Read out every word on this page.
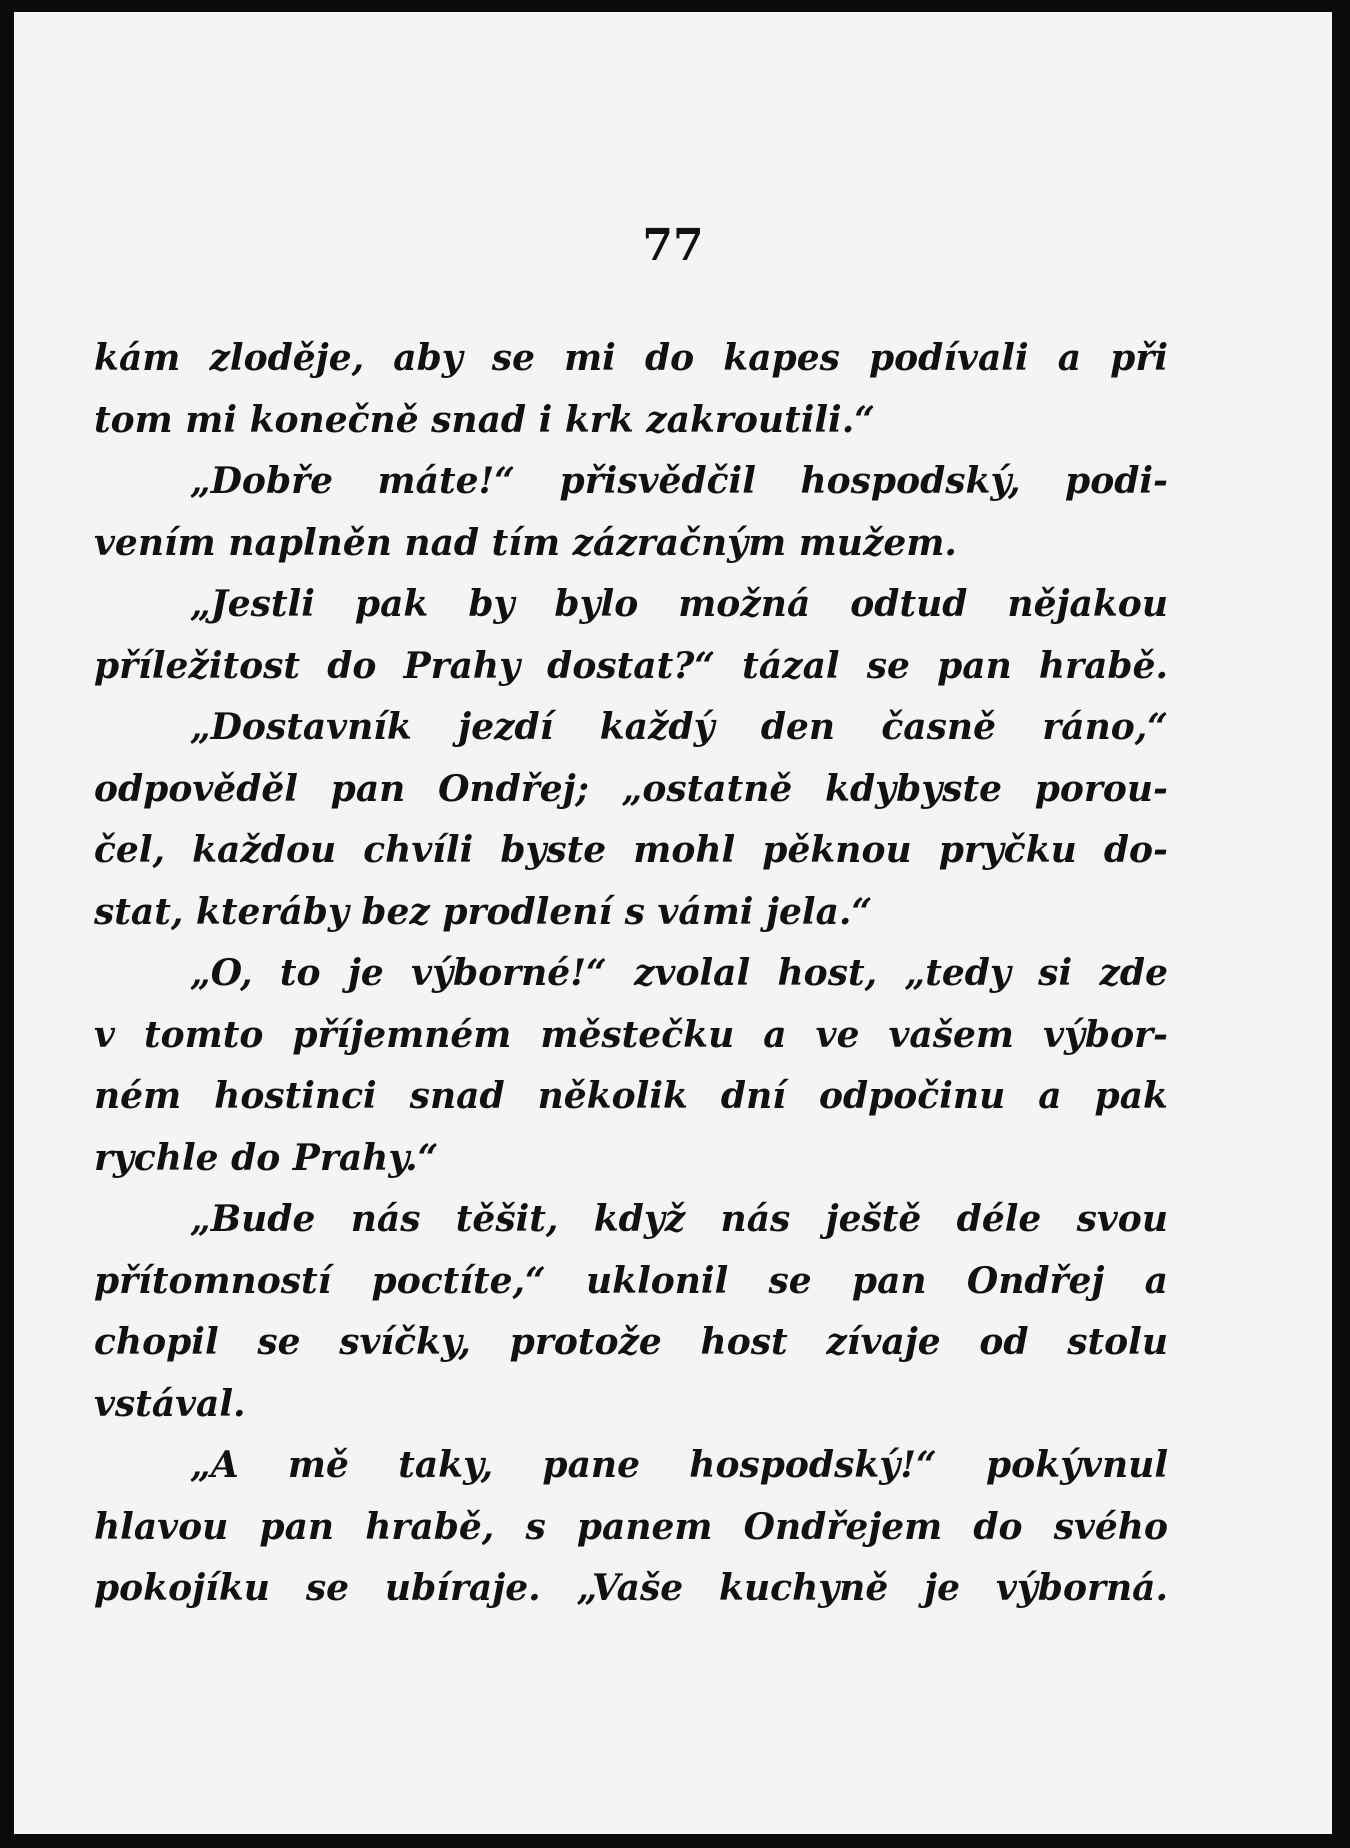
77
kám zloděje, aby se mi do kapes podívali a při
tom mi konečně snad i krk zakroutili.“
„Dobře máte!“ přisvědčil hospodský, podi-
vením naplněn nad tím zázračným mužem.
„Jestli pak by bylo možná odtud nějakou
příležitost do Prahy dostat?“ tázal se pan hrabě.
„Dostavník jezdí každý den časně ráno,“
odpověděl pan Ondřej; „ostatně kdybyste porou-
čel, každou chvíli byste mohl pěknou pryčku do-
stat, kteráby bez prodlení s vámi jela.“
„O, to je výborné!“ zvolal host, „tedy si zde
v tomto příjemném městečku a ve vašem výbor-
ném hostinci snad několik dní odpočinu a pak
rychle do Prahy.“
„Bude nás těšit, když nás ještě déle svou
přítomností poctíte,“ uklonil se pan Ondřej a
chopil se svíčky, protože host zívaje od stolu
vstával.
„A mě taky, pane hospodský!“ pokývnul
hlavou pan hrabě, s panem Ondřejem do svého
pokojíku se ubíraje. „Vaše kuchyně je výborná.
